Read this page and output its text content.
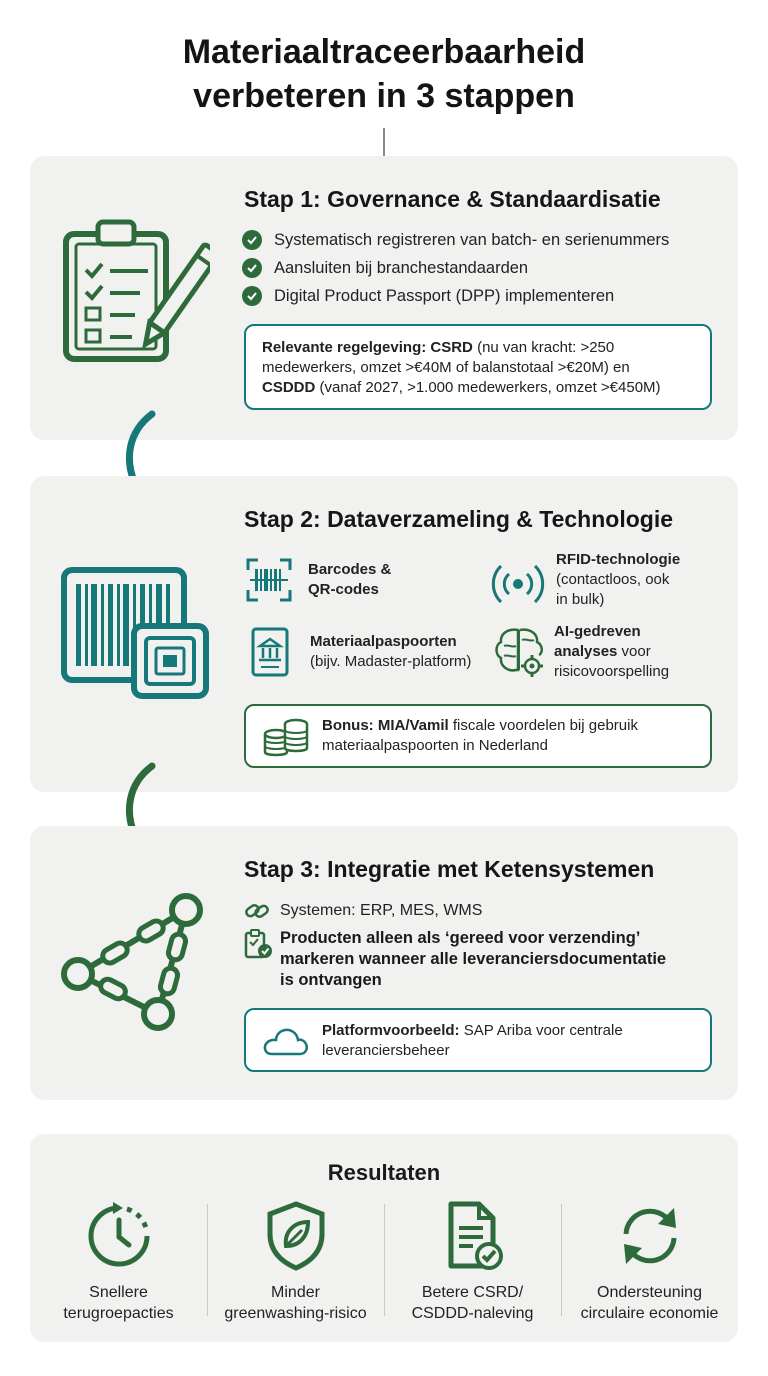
Materiaaltraceerbaarheid
verbeteren in 3 stappen
Stap 1: Governance & Standaardisatie
Systematisch registreren van batch- en serienummers
Aansluiten bij branchestandaarden
Digital Product Passport (DPP) implementeren
Relevante regelgeving: CSRD (nu van kracht: >250
medewerkers, omzet >€40M of balanstotaal >€20M) en
CSDDD (vanaf 2027, >1.000 medewerkers, omzet >€450M)
Stap 2: Dataverzameling & Technologie
Barcodes &
QR-codes
RFID-technologie
(contactloos, ook
in bulk)
Materiaalpaspoorten
(bijv. Madaster-platform)
AI-gedreven
analyses voor
risicovoorspelling
Bonus: MIA/Vamil fiscale voordelen bij gebruik
materiaalpaspoorten in Nederland
Stap 3: Integratie met Ketensystemen
Systemen: ERP, MES, WMS
Producten alleen als ‘gereed voor verzending’
markeren wanneer alle leveranciersdocumentatie
is ontvangen
Platformvoorbeeld: SAP Ariba voor centrale
leveranciersbeheer
Resultaten
Snellere
terugroepacties
Minder
greenwashing-risico
Betere CSRD/
CSDDD-naleving
Ondersteuning
circulaire economie
